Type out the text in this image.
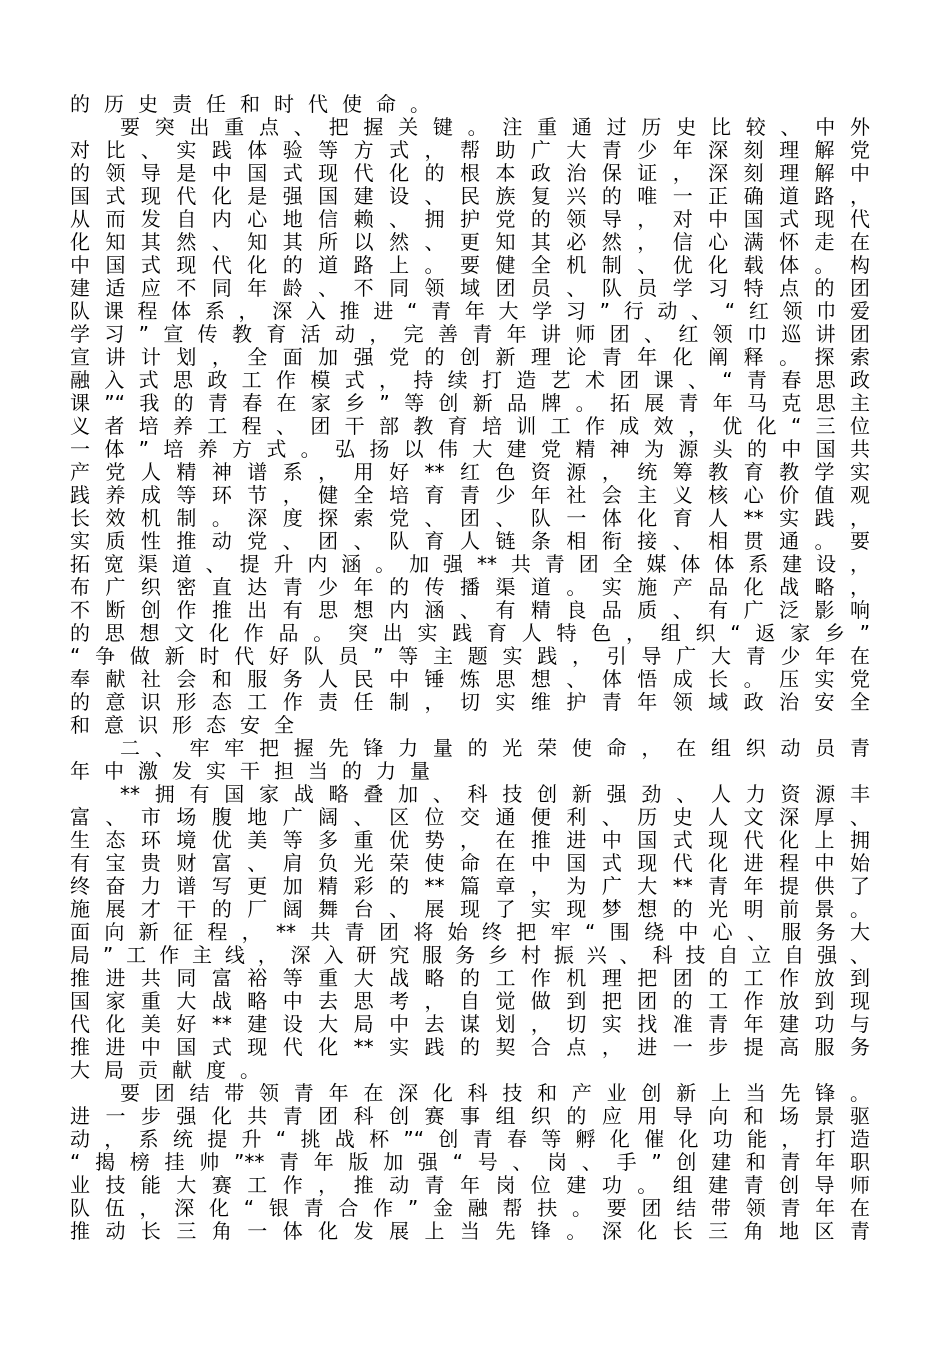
的历史责任和时代使命。
要突出重点、把握关键。注重通过历史比较、中外
对比、实践体验等方式，帮助广大青少年深刻理解党
的领导是中国式现代化的根本政治保证，深刻理解中
国式现代化是强国建设、民族复兴的唯一正确道路，
从而发自内心地信赖、拥护党的领导，对中国式现代
化知其然、知其所以然、更知其必然，信心满怀走在
中国式现代化的道路上。要健全机制、优化载体。构
建适应不同年龄、不同领域团员、队员学习特点的团
队课程体系，深入推进“青年大学习”行动、“红领巾爱
学习”宣传教育活动，完善青年讲师团、红领巾巡讲团
宣讲计划，全面加强党的创新理论青年化阐释。探索
融入式思政工作模式，持续打造艺术团课、“青春思政
课”“我的青春在家乡”等创新品牌。拓展青年马克思主
义者培养工程、团干部教育培训工作成效，优化“三位
一体”培养方式。弘扬以伟大建党精神为源头的中国共
产党人精神谱系，用好**红色资源，统筹教育教学实
践养成等环节，健全培育青少年社会主义核心价值观
长效机制。深度探索党、团、队一体化育人**实践，
实质性推动党、团、队育人链条相衔接、相贯通。要
拓宽渠道、提升内涵。加强**共青团全媒体体系建设，
布广织密直达青少年的传播渠道。实施产品化战略，
不断创作推出有思想内涵、有精良品质、有广泛影响
的思想文化作品。突出实践育人特色，组织“返家乡”
“争做新时代好队员”等主题实践，引导广大青少年在
奉献社会和服务人民中锤炼思想、体悟成长。压实党
的意识形态工作责任制，切实维护青年领域政治安全
和意识形态安全
二、牢牢把握先锋力量的光荣使命，在组织动员青
年中激发实干担当的力量
**拥有国家战略叠加、科技创新强劲、人力资源丰
富、市场腹地广阔、区位交通便利、历史人文深厚、
生态环境优美等多重优势，在推进中国式现代化上拥
有宝贵财富、肩负光荣使命在中国式现代化进程中始
终奋力谱写更加精彩的**篇章，为广大**青年提供了
施展才干的厂阔舞台、展现了实现梦想的光明前景。
面向新征程，**共青团将始终把牢“围绕中心、服务大
局”工作主线，深入研究服务乡村振兴、科技自立自强、
推进共同富裕等重大战略的工作机理把团的工作放到
国家重大战略中去思考，自觉做到把团的工作放到现
代化美好**建设大局中去谋划，切实找准青年建功与
推进中国式现代化**实践的契合点，进一步提高服务
大局贡献度。
要团结带领青年在深化科技和产业创新上当先锋。
进一步强化共青团科创赛事组织的应用导向和场景驱
动，系统提升“挑战杯”“创青春等孵化催化功能，打造
“揭榜挂帅”**青年版加强“号、岗、手”创建和青年职
业技能大赛工作，推动青年岗位建功。组建青创导师
队伍，深化“银青合作”金融帮扶。要团结带领青年在
推动长三角一体化发展上当先锋。深化长三角地区青
